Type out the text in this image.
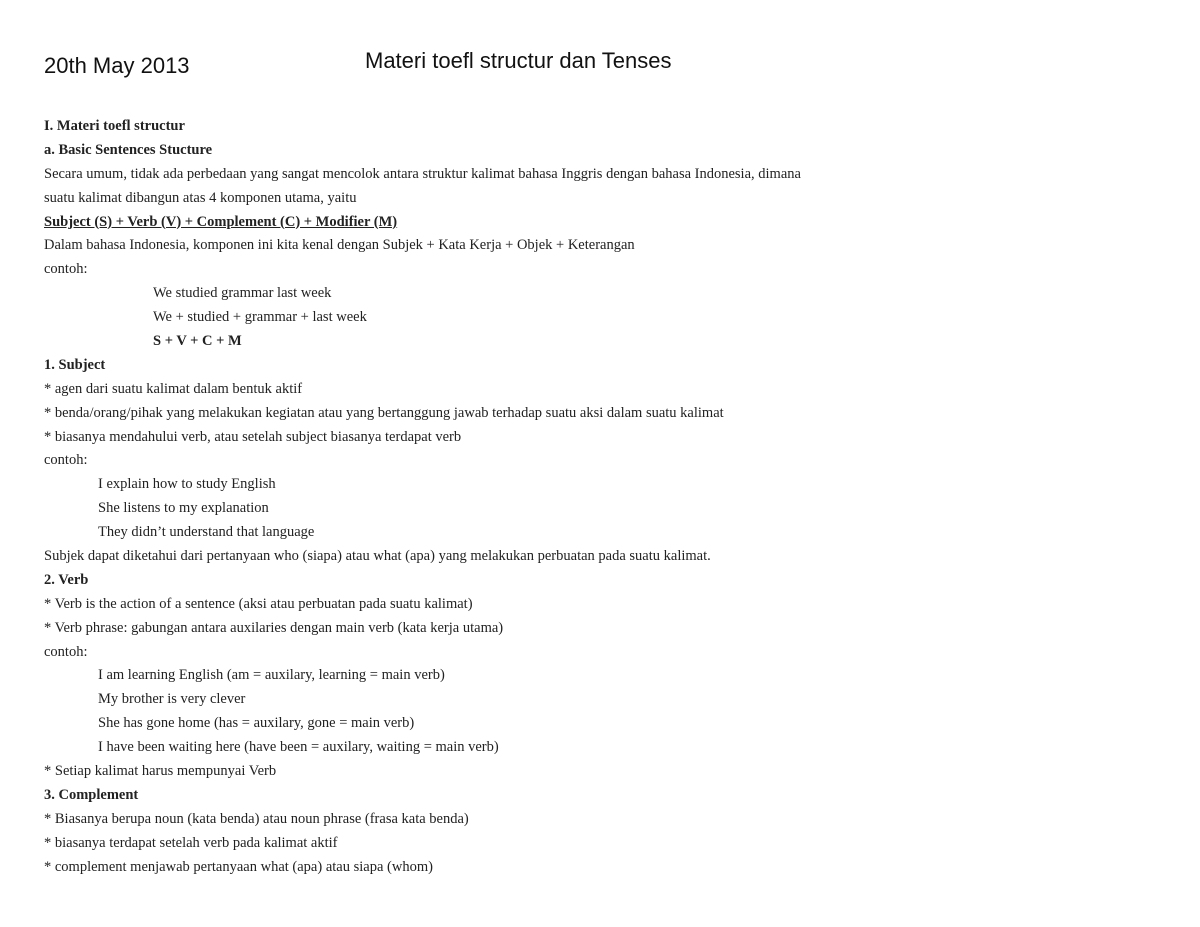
20th May 2013	Materi toefl structur dan Tenses
I. Materi toefl structur
a. Basic Sentences Stucture
Secara umum, tidak ada perbedaan yang sangat mencolok antara struktur kalimat bahasa Inggris dengan bahasa Indonesia, dimana
suatu kalimat dibangun atas 4 komponen utama, yaitu
Subject (S) + Verb (V) + Complement (C) + Modifier (M)
Dalam bahasa Indonesia, komponen ini kita kenal dengan Subjek + Kata Kerja + Objek + Keterangan
contoh:
We studied grammar last week
We + studied + grammar + last week
S + V + C + M
1. Subject
* agen dari suatu kalimat dalam bentuk aktif
* benda/orang/pihak yang melakukan kegiatan atau yang bertanggung jawab terhadap suatu aksi dalam suatu kalimat
* biasanya mendahului verb, atau setelah subject biasanya terdapat verb
contoh:
I explain how to study English
She listens to my explanation
They didn’t understand that language
Subjek dapat diketahui dari pertanyaan who (siapa) atau what (apa) yang melakukan perbuatan pada suatu kalimat.
2. Verb
* Verb is the action of a sentence (aksi atau perbuatan pada suatu kalimat)
* Verb phrase: gabungan antara auxilaries dengan main verb (kata kerja utama)
contoh:
I am learning English (am = auxilary, learning = main verb)
My brother is very clever
She has gone home (has = auxilary, gone = main verb)
I have been waiting here (have been = auxilary, waiting = main verb)
* Setiap kalimat harus mempunyai Verb
3. Complement
* Biasanya berupa noun (kata benda) atau noun phrase (frasa kata benda)
* biasanya terdapat setelah verb pada kalimat aktif
* complement menjawab pertanyaan what (apa) atau siapa (whom)
